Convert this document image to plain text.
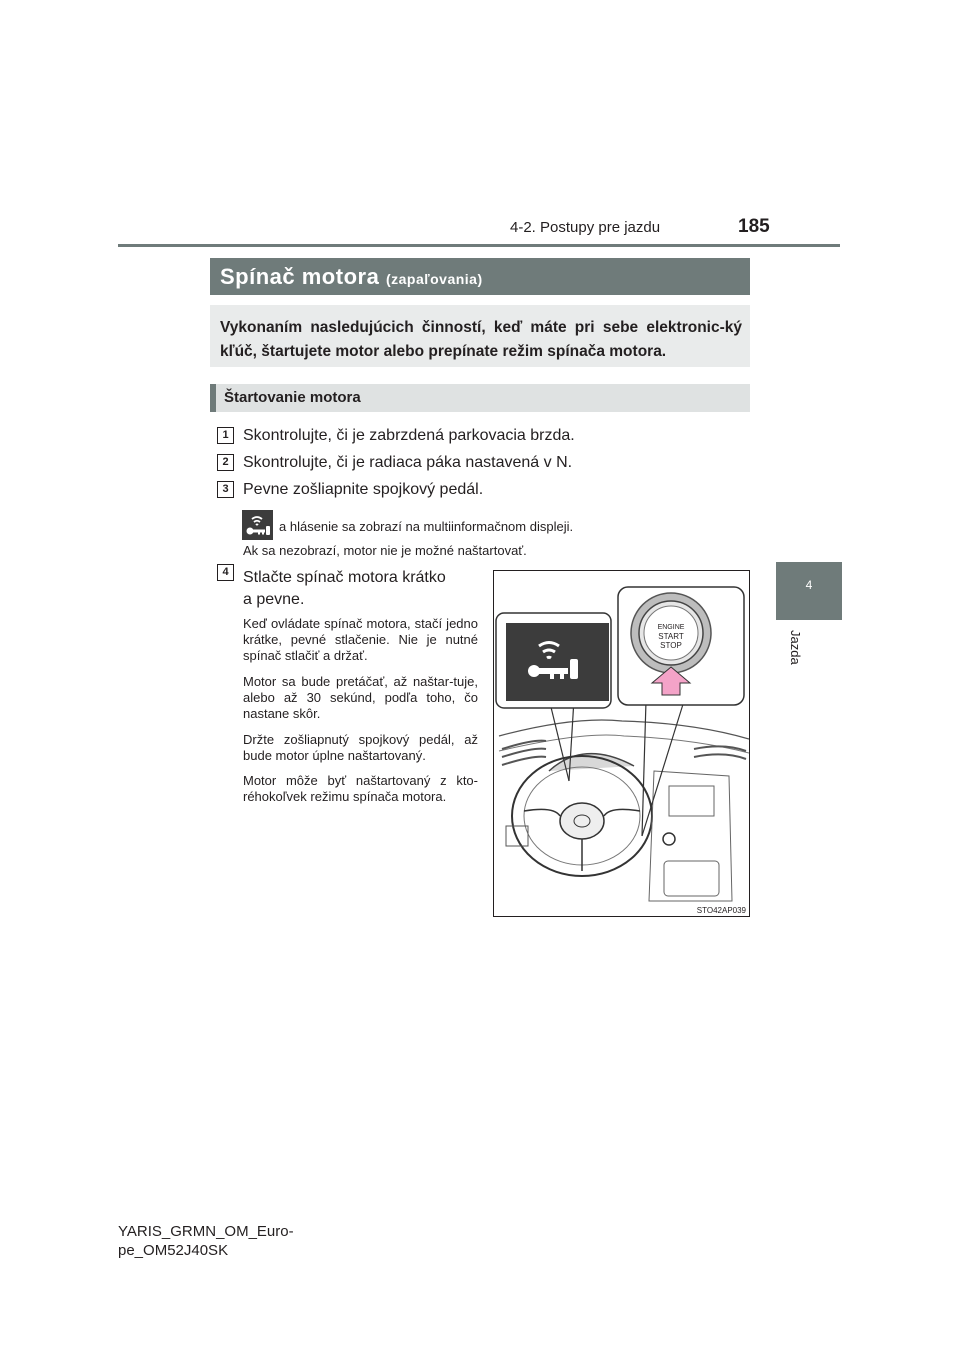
4-2. Postupy pre jazdu	185
4
Jazda
Spínač motora (zapaľovania)
Vykonaním nasledujúcich činností, keď máte pri sebe elektronic-ký kľúč, štartujete motor alebo prepínate režim spínača motora.
Štartovanie motora
1 Skontrolujte, či je zabrzdená parkovacia brzda.
2 Skontrolujte, či je radiaca páka nastavená v N.
3 Pevne zošliapnite spojkový pedál.
a hlásenie sa zobrazí na multiinformačnom displeji.
Ak sa nezobrazí, motor nie je možné naštartovať.
4 Stlačte spínač motora krátko
a pevne.
Keď ovládate spínač motora, stačí jedno krátke, pevné stlačenie. Nie je nutné spínač stlačiť a držať.
Motor sa bude pretáčať, až naštar-tuje, alebo až 30 sekúnd, podľa toho, čo nastane skôr.
Držte zošliapnutý spojkový pedál, až bude motor úplne naštartovaný.
Motor môže byť naštartovaný z kto-réhokoľvek režimu spínača motora.
ENGINE
START
STOP
STO42AP039
YARIS_GRMN_OM_Euro-
pe_OM52J40SK
